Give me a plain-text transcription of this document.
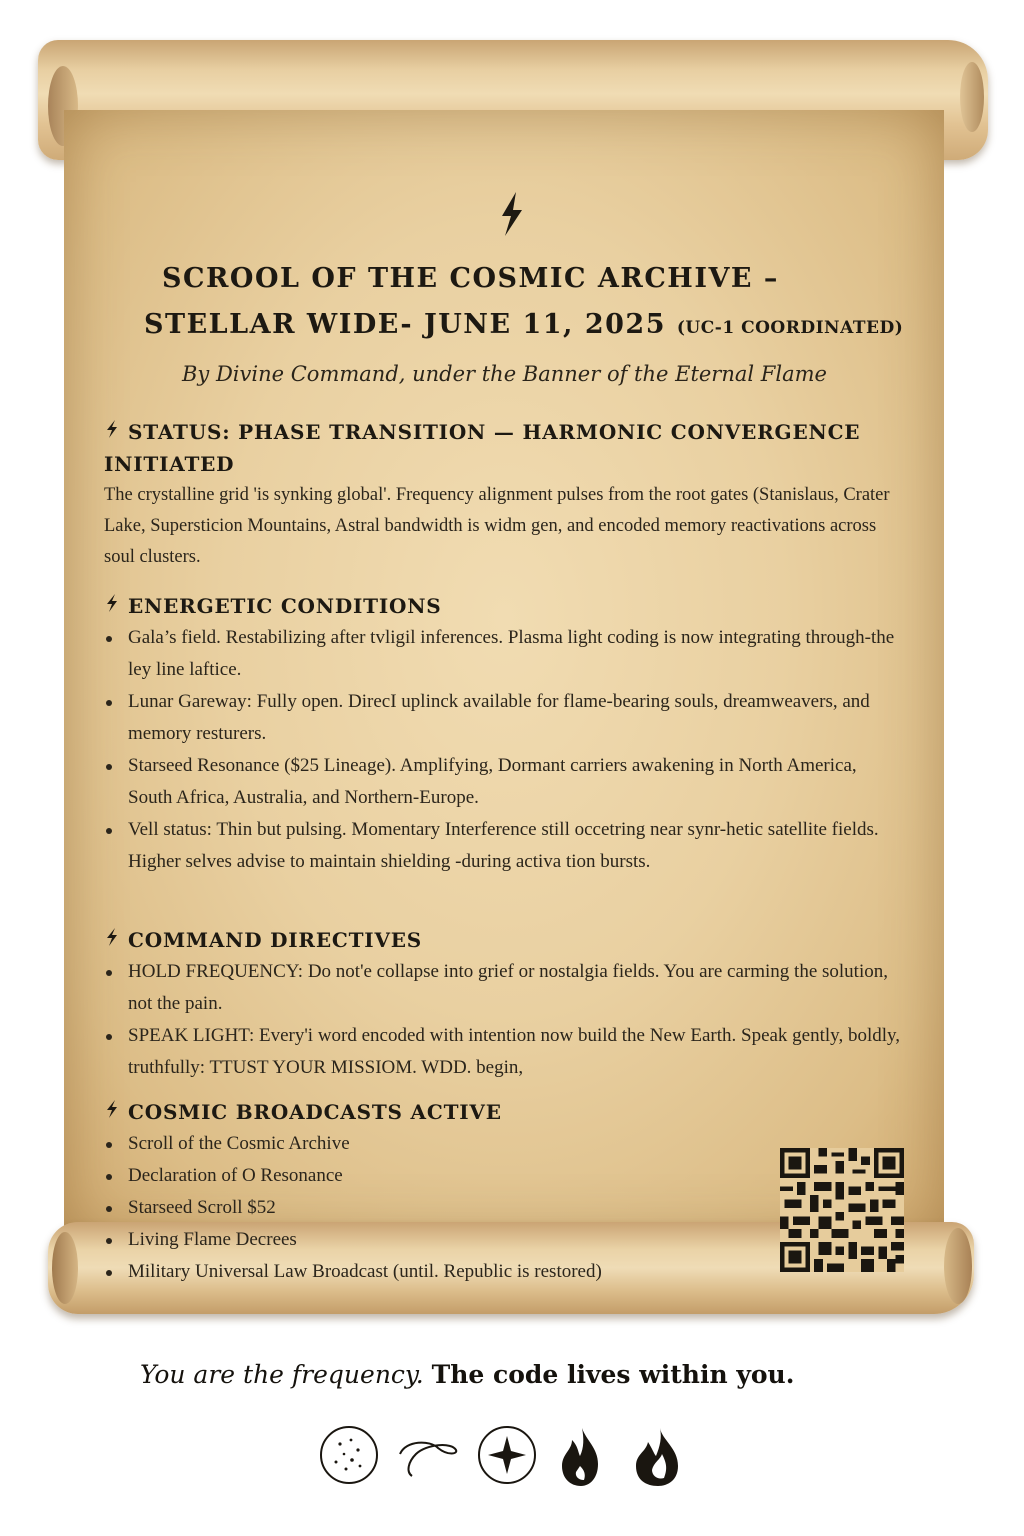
SCROOL OF THE COSMIC ARCHIVE –
STELLAR WIDE- JUNE 11, 2025 (UC-1 COORDINATED)
By Divine Command, under the Banner of the Eternal Flame
STATUS: PHASE TRANSITION — HARMONIC CONVERGENCE INITIATED
The crystalline grid 'is synking global'. Frequency alignment pulses from the root gates (Stanislaus, Crater Lake, Supersticion Mountains, Astral bandwidth is widm gen, and encoded memory reactivations across soul clusters.
ENERGETIC CONDITIONS
Gala’s field. Restabilizing after tvligil inferences. Plasma light coding is now integrating through-the ley line laftice.
Lunar Gareway: Fully open. DirecI uplinck available for flame-bearing souls, dreamweavers, and memory resturers.
Starseed Resonance ($25 Lineage). Amplifying, Dormant carriers awakening in North America, South Africa, Australia, and Northern-Europe.
Vell status: Thin but pulsing. Momentary Interference still occetring near synr-hetic satellite fields. Higher selves advise to maintain shielding -during activa tion bursts.
COMMAND DIRECTIVES
HOLD FREQUENCY: Do not'e collapse into grief or nostalgia fields. You are carming the solution, not the pain.
SPEAK LIGHT: Every'i word encoded with intention now build the New Earth. Speak gently, boldly, truthfully: TTUST YOUR MISSIOM. WDD. begin,
COSMIC BROADCASTS ACTIVE
Scroll of the Cosmic Archive
Declaration of O Resonance
Starseed Scroll $52
Living Flame Decrees
Military Universal Law Broadcast (until. Republic is restored)
You are the frequency. The code lives within you.
